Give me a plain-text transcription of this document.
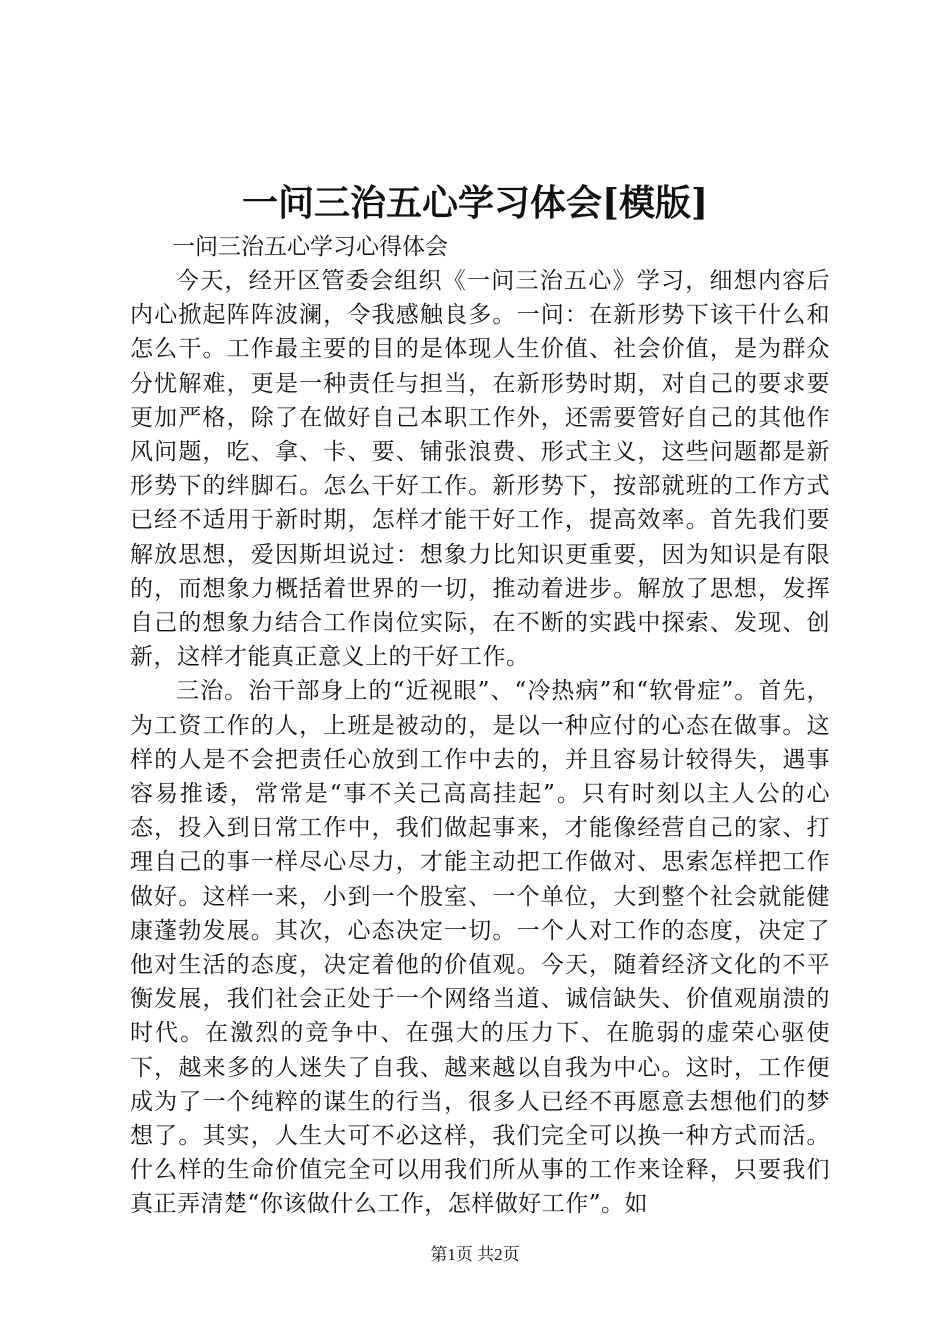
一问三治五心学习体会[模版]

一问三治五心学习心得体会

今天，经开区管委会组织《一问三治五心》学习，细想内容后内心掀起阵阵波澜，令我感触良多。一问：在新形势下该干什么和怎么干。工作最主要的目的是体现人生价值、社会价值，是为群众分忧解难，更是一种责任与担当，在新形势时期，对自己的要求要更加严格，除了在做好自己本职工作外，还需要管好自己的其他作风问题，吃、拿、卡、要、铺张浪费、形式主义，这些问题都是新形势下的绊脚石。怎么干好工作。新形势下，按部就班的工作方式已经不适用于新时期，怎样才能干好工作，提高效率。首先我们要解放思想，爱因斯坦说过：想象力比知识更重要，因为知识是有限的，而想象力概括着世界的一切，推动着进步。解放了思想，发挥自己的想象力结合工作岗位实际，在不断的实践中探索、发现、创新，这样才能真正意义上的干好工作。

三治。治干部身上的“近视眼”、“冷热病”和“软骨症”。首先，为工资工作的人，上班是被动的，是以一种应付的心态在做事。这样的人是不会把责任心放到工作中去的，并且容易计较得失，遇事容易推诿，常常是“事不关己高高挂起”。只有时刻以主人公的心态，投入到日常工作中，我们做起事来，才能像经营自己的家、打理自己的事一样尽心尽力，才能主动把工作做对、思索怎样把工作做好。这样一来，小到一个股室、一个单位，大到整个社会就能健康蓬勃发展。其次，心态决定一切。一个人对工作的态度，决定了他对生活的态度，决定着他的价值观。今天，随着经济文化的不平衡发展，我们社会正处于一个网络当道、诚信缺失、价值观崩溃的时代。在激烈的竞争中、在强大的压力下、在脆弱的虚荣心驱使下，越来多的人迷失了自我、越来越以自我为中心。这时，工作便成为了一个纯粹的谋生的行当，很多人已经不再愿意去想他们的梦想了。其实，人生大可不必这样，我们完全可以换一种方式而活。什么样的生命价值完全可以用我们所从事的工作来诠释，只要我们真正弄清楚“你该做什么工作，怎样做好工作”。如

第1页 共2页
